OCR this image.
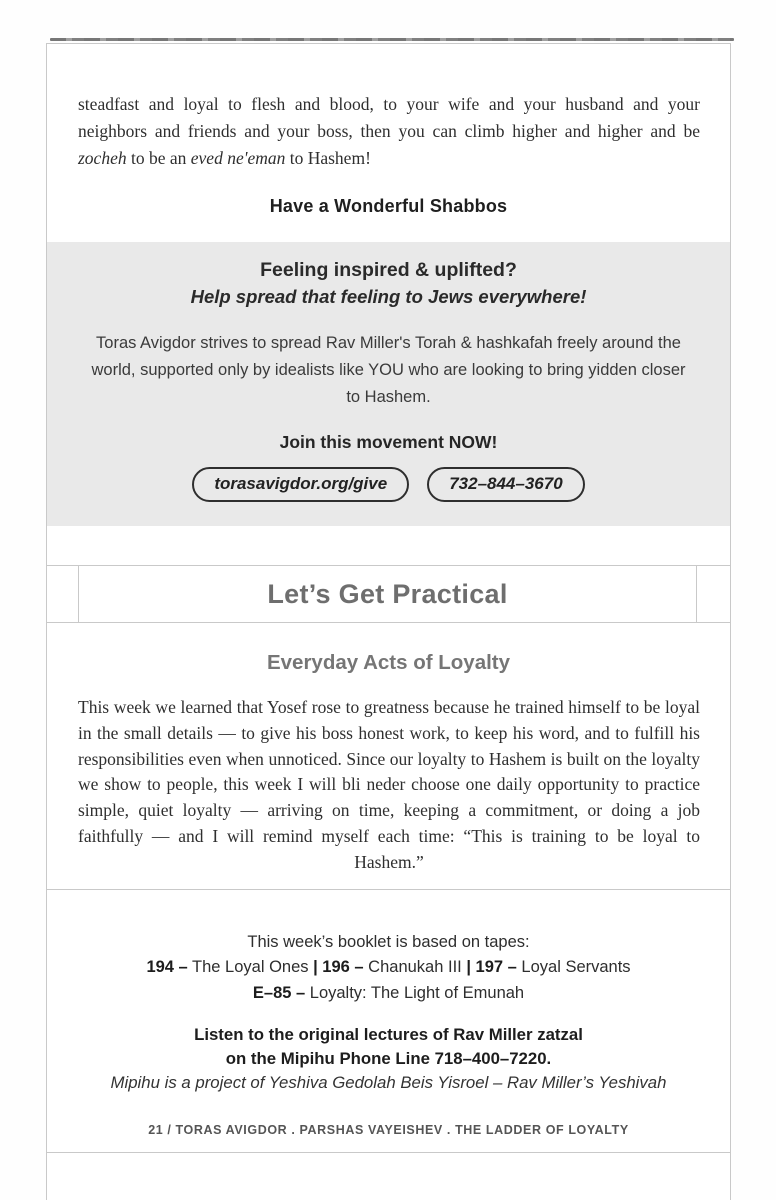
steadfast and loyal to flesh and blood, to your wife and your husband and your neighbors and friends and your boss, then you can climb higher and higher and be zocheh to be an eved ne'eman to Hashem!

Have a Wonderful Shabbos
Feeling inspired & uplifted?
Help spread that feeling to Jews everywhere!
Toras Avigdor strives to spread Rav Miller's Torah & hashkafah freely around the world, supported only by idealists like YOU who are looking to bring yidden closer to Hashem.
Join this movement NOW!
torasavigdor.org/give	732–844–3670
Let’s Get Practical
Everyday Acts of Loyalty

This week we learned that Yosef rose to greatness because he trained himself to be loyal in the small details — to give his boss honest work, to keep his word, and to fulfill his responsibilities even when unnoticed. Since our loyalty to Hashem is built on the loyalty we show to people, this week I will bli neder choose one daily opportunity to practice simple, quiet loyalty — arriving on time, keeping a commitment, or doing a job faithfully — and I will remind myself each time: “This is training to be loyal to Hashem.”

This week’s booklet is based on tapes:
194 – The Loyal Ones | 196 – Chanukah III | 197 – Loyal Servants
E–85 – Loyalty: The Light of Emunah
Listen to the original lectures of Rav Miller zatzal
on the Mipihu Phone Line 718–400–7220.
Mipihu is a project of Yeshiva Gedolah Beis Yisroel – Rav Miller’s Yeshivah
21 / TORAS AVIGDOR . PARSHAS VAYEISHEV . THE LADDER OF LOYALTY
